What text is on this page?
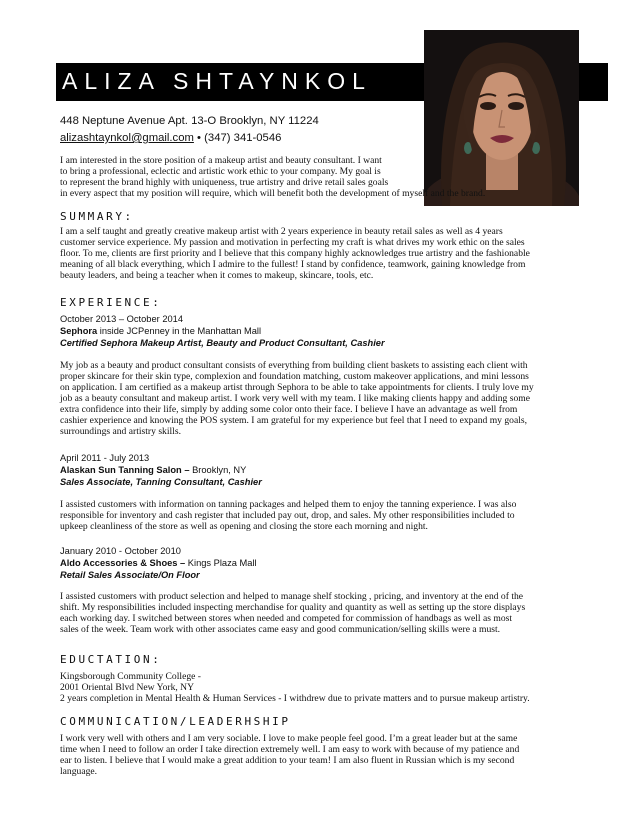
ALIZA SHTAYNKOL
448 Neptune Avenue Apt. 13-O Brooklyn, NY 11224
alizashtaynkol@gmail.com • (347) 341-0546
I am interested in the store position of a makeup artist and beauty consultant. I want
to bring a professional, eclectic and artistic work ethic to your company. My goal is
to represent the brand highly with uniqueness, true artistry and drive retail sales goals
in every aspect that my position will require, which will benefit both the development of myself and the brand.
SUMMARY:
I am a self taught and greatly creative makeup artist with 2 years experience in beauty retail sales as well as 4 years
customer service experience. My passion and motivation in perfecting my craft is what drives my work ethic on the sales
floor. To me, clients are first priority and I believe that this company highly acknowledges true artistry and the fashionable
meaning of all black everything, which I admire to the fullest! I stand by confidence, teamwork, gaining knowledge from
beauty leaders, and being a teacher when it comes to makeup, skincare, tools, etc.
EXPERIENCE:
October 2013 – October 2014
Sephora inside JCPenney in the Manhattan Mall
Certified Sephora Makeup Artist, Beauty and Product Consultant, Cashier
My job as a beauty and product consultant consists of everything from building client baskets to assisting each client with
proper skincare for their skin type, complexion and foundation matching, custom makeover applications, and mini lessons
on application. I am certified as a makeup artist through Sephora to be able to take appointments for clients. I truly love my
job as a beauty consultant and makeup artist. I work very well with my team. I like making clients happy and adding some
extra confidence into their life, simply by adding some color onto their face. I believe I have an advantage as well from
cashier experience and knowing the POS system. I am grateful for my experience but feel that I need to expand my goals,
surroundings and artistry skills.
April 2011 - July 2013
Alaskan Sun Tanning Salon – Brooklyn, NY
Sales Associate, Tanning Consultant, Cashier
I assisted customers with information on tanning packages and helped them to enjoy the tanning experience. I was also
responsible for inventory and cash register that included pay out, drop, and sales. My other responsibilities included to
upkeep cleanliness of the store as well as opening and closing the store each morning and night.
January 2010 - October 2010
Aldo Accessories & Shoes – Kings Plaza Mall
Retail Sales Associate/On Floor
I assisted customers with product selection and helped to manage shelf stocking , pricing, and inventory at the end of the
shift. My responsibilities included inspecting merchandise for quality and quantity as well as setting up the store displays
each working day. I switched between stores when needed and competed for commission of handbags as well as most
sales of the week. Team work with other associates came easy and good communication/selling skills were a must.
EDUCTATION:
Kingsborough Community College -
2001 Oriental Blvd New York, NY
2 years completion in Mental Health & Human Services - I withdrew due to private matters and to pursue makeup artistry.
COMMUNICATION/LEADERHSHIP
I work very well with others and I am very sociable. I love to make people feel good. I’m a great leader but at the same
time when I need to follow an order I take direction extremely well. I am easy to work with because of my patience and
ear to listen. I believe that I would make a great addition to your team! I am also fluent in Russian which is my second
language.
